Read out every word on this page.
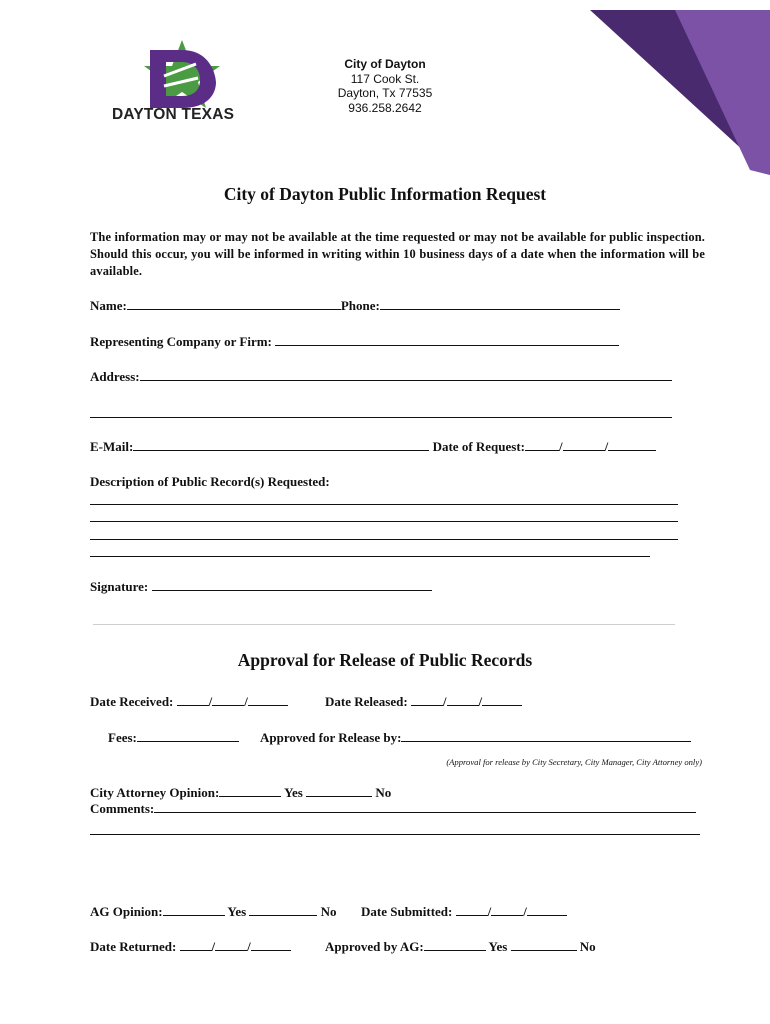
DAYTON TEXAS
City of Dayton
117 Cook St.
Dayton, Tx 77535
936.258.2642
City of Dayton Public Information Request
The information may or may not be available at the time requested or may not be available for public inspection. Should this occur, you will be informed in writing within 10 business days of a date when the information will be available.
Name:	Phone:
Representing Company or Firm:
Address:
E-Mail:	Date of Request:	/	/
Description of Public Record(s) Requested:
Signature:
Approval for Release of Public Records
Date Received:	/ /	Date Released:	/ /
Fees:	Approved for Release by:
(Approval for release by City Secretary, City Manager, City Attorney only)
City Attorney Opinion:	Yes	No
Comments:
AG Opinion:	Yes	No Date Submitted:	/ /
Date Returned:	/ /	Approved by AG:	Yes	No
